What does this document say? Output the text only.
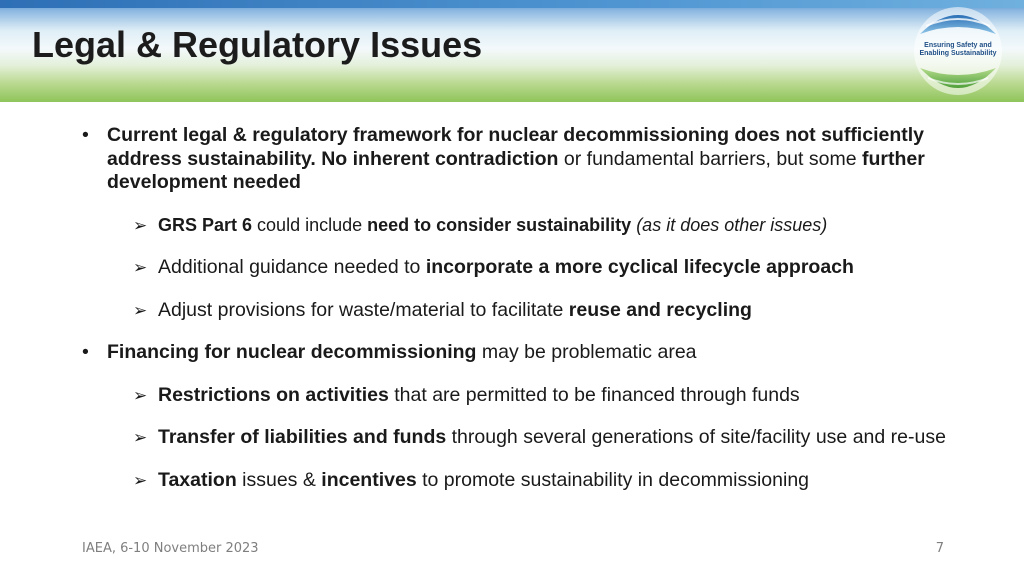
Legal & Regulatory Issues	Ensuring Safety and
Enabling Sustainability
• Current legal & regulatory framework for nuclear decommissioning does not sufficiently address sustainability. No inherent contradiction or fundamental barriers, but some further development needed
➢ GRS Part 6 could include need to consider sustainability (as it does other issues)
➢ Additional guidance needed to incorporate a more cyclical lifecycle approach
➢ Adjust provisions for waste/material to facilitate reuse and recycling
• Financing for nuclear decommissioning may be problematic area
➢ Restrictions on activities that are permitted to be financed through funds
➢ Transfer of liabilities and funds through several generations of site/facility use and re-use
➢ Taxation issues & incentives to promote sustainability in decommissioning
IAEA, 6-10 November 2023	7
